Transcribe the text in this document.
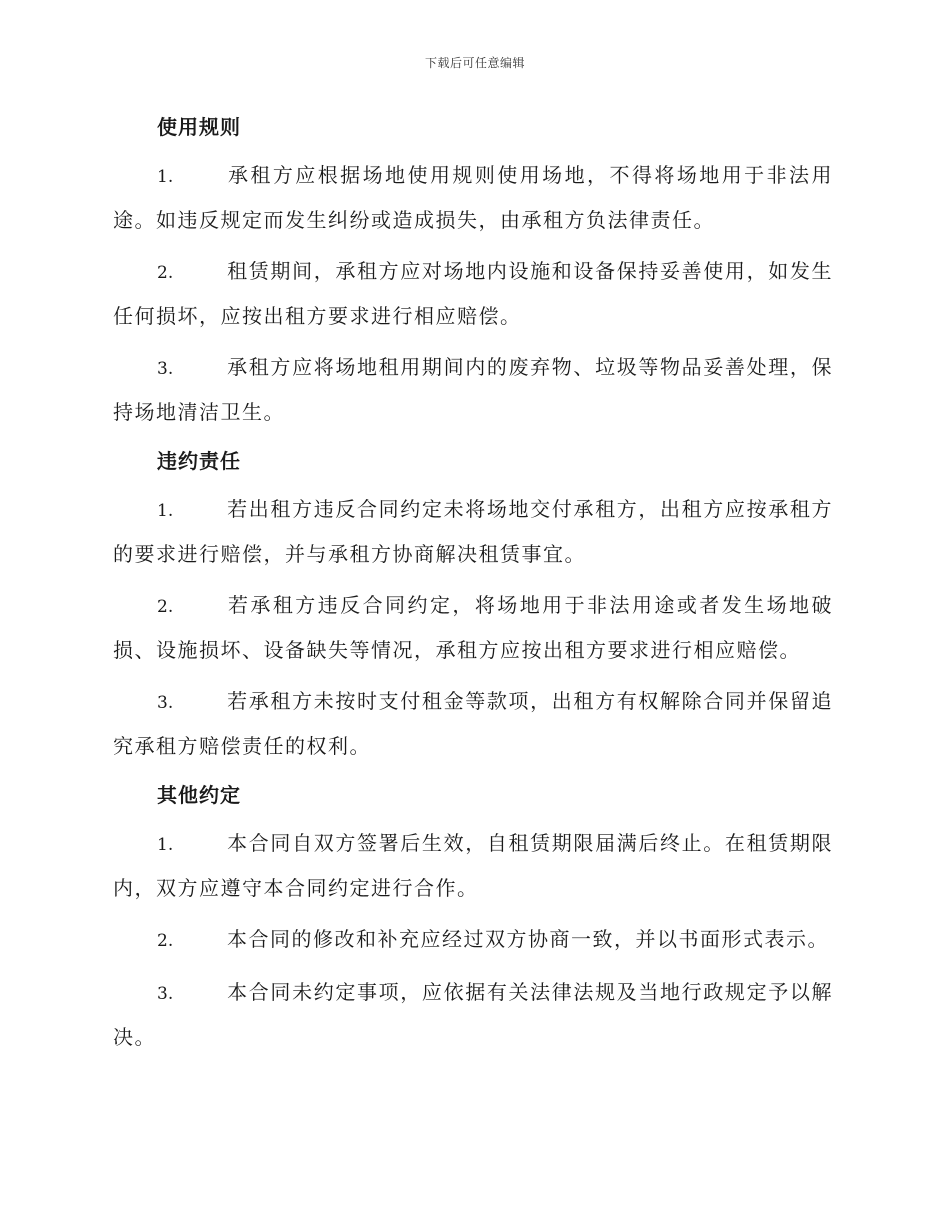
下载后可任意编辑
使用规则

1.	承租方应根据场地使用规则使用场地，不得将场地用于非法用途。如违反规定而发生纠纷或造成损失，由承租方负法律责任。

2.	租赁期间，承租方应对场地内设施和设备保持妥善使用，如发生任何损坏，应按出租方要求进行相应赔偿。

3.	承租方应将场地租用期间内的废弃物、垃圾等物品妥善处理，保持场地清洁卫生。

违约责任

1.	若出租方违反合同约定未将场地交付承租方，出租方应按承租方的要求进行赔偿，并与承租方协商解决租赁事宜。

2.	若承租方违反合同约定，将场地用于非法用途或者发生场地破损、设施损坏、设备缺失等情况，承租方应按出租方要求进行相应赔偿。

3.	若承租方未按时支付租金等款项，出租方有权解除合同并保留追究承租方赔偿责任的权利。

其他约定

1.	本合同自双方签署后生效，自租赁期限届满后终止。在租赁期限内，双方应遵守本合同约定进行合作。

2.	本合同的修改和补充应经过双方协商一致，并以书面形式表示。

3.	本合同未约定事项，应依据有关法律法规及当地行政规定予以解决。
